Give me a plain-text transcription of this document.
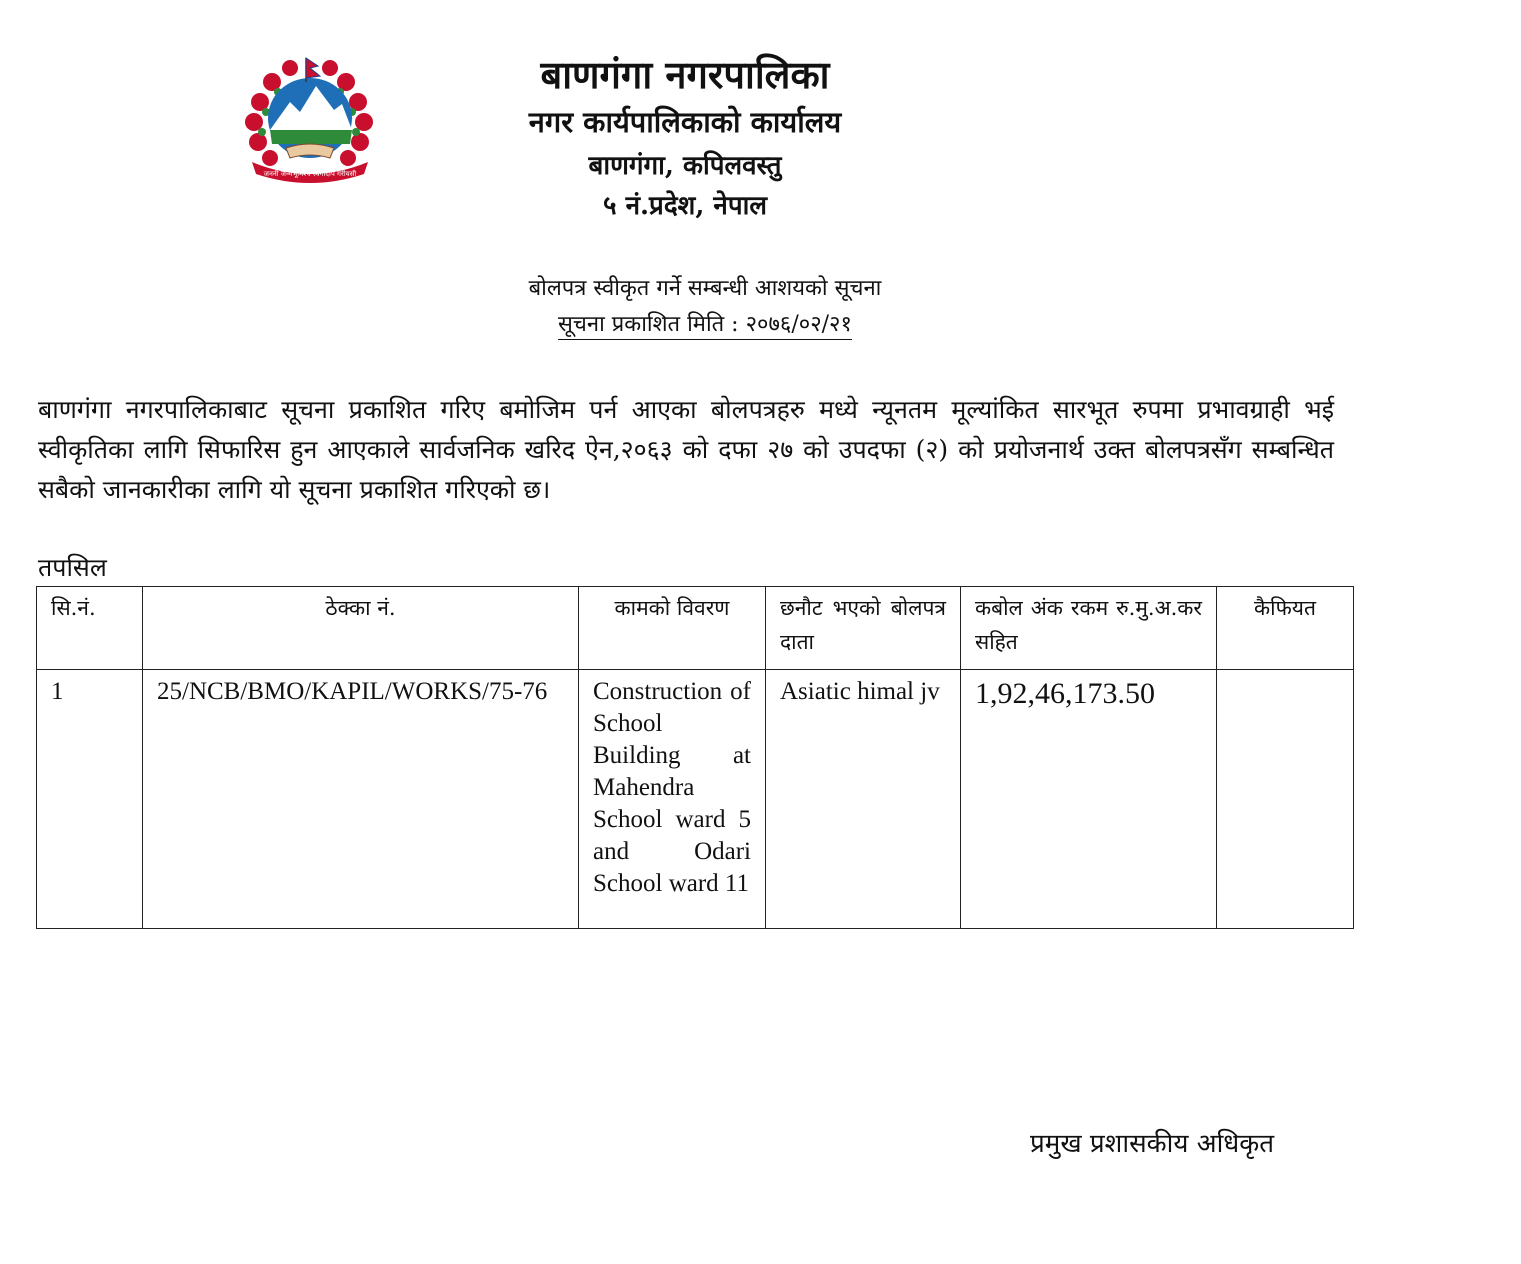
जननी जन्मभूमिश्च स्वर्गादपि गरीयसी
बाणगंगा नगरपालिका
नगर कार्यपालिकाको कार्यालय
बाणगंगा, कपिलवस्तु
५ नं.प्रदेश, नेपाल
बोलपत्र स्वीकृत गर्ने सम्बन्धी आशयको सूचना
सूचना प्रकाशित मिति : २०७६/०२/२१
बाणगंगा नगरपालिकाबाट सूचना प्रकाशित गरिए बमोजिम पर्न आएका बोलपत्रहरु मध्ये न्यूनतम मूल्यांकित सारभूत रुपमा प्रभावग्राही भई स्वीकृतिका लागि सिफारिस हुन आएकाले सार्वजनिक खरिद ऐन,२०६३ को दफा २७ को उपदफा (२) को प्रयोजनार्थ उक्त बोलपत्रसँग सम्बन्धित सबैको जानकारीका लागि यो सूचना प्रकाशित गरिएको छ।
तपसिल
सि.नं.	ठेक्का नं.	कामको विवरण	छनौट भएको बोलपत्र दाता	कबोल अंक रकम रु.मु.अ.कर सहित	कैफियत
1	25/NCB/BMO/KAPIL/WORKS/75-76	Construction of School Building at Mahendra School ward 5 and Odari School ward 11	Asiatic himal jv	1,92,46,173.50	
प्रमुख प्रशासकीय अधिकृत
